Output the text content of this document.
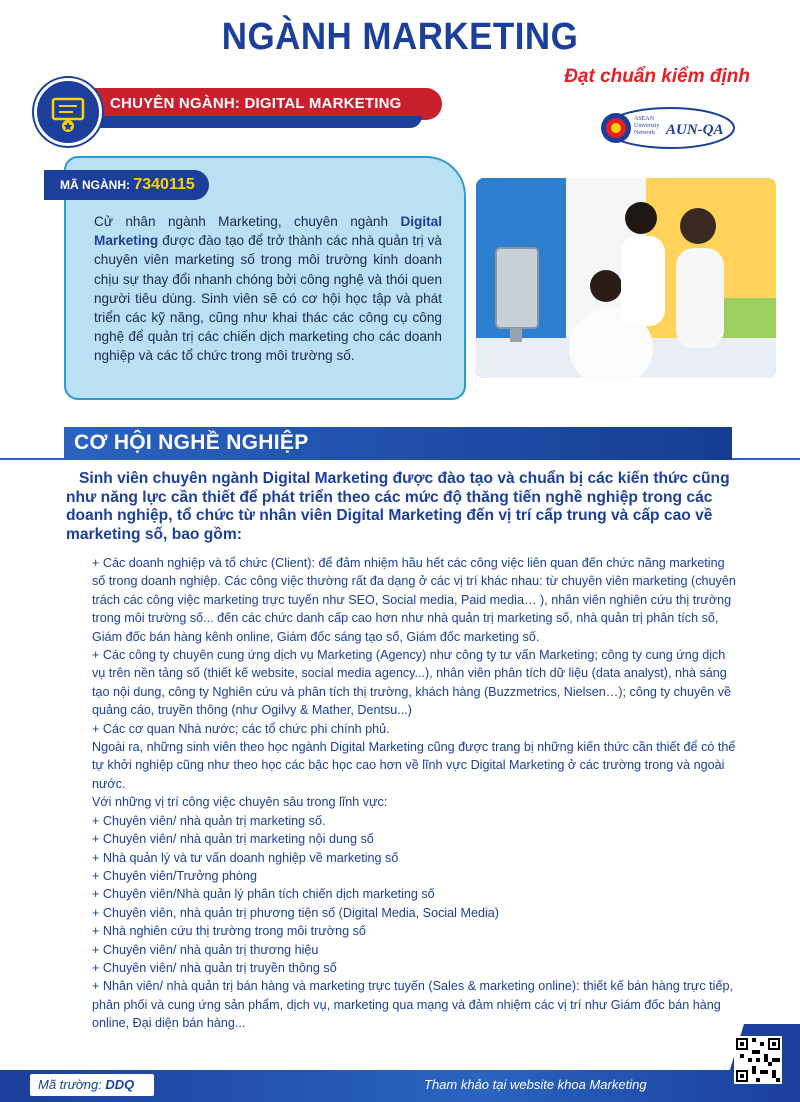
NGÀNH MARKETING
Đạt chuẩn kiểm định
ASEAN
University
Network AUN-QA
CHUYÊN NGÀNH: DIGITAL MARKETING
MÃ NGÀNH: 7340115
Cử nhân ngành Marketing, chuyên ngành Digital Marketing được đào tạo để trở thành các nhà quản trị và chuyên viên marketing số trong môi trường kinh doanh chịu sự thay đổi nhanh chóng bởi công nghệ và thói quen người tiêu dùng. Sinh viên sẽ có cơ hội học tập và phát triển các kỹ năng, cũng như khai thác các công cụ công nghệ để quản trị các chiến dịch marketing cho các doanh nghiệp và các tổ chức trong môi trường số.
CƠ HỘI NGHỀ NGHIỆP
Sinh viên chuyên ngành Digital Marketing được đào tạo và chuẩn bị các kiến thức cũng như năng lực cần thiết để phát triển theo các mức độ thăng tiến nghề nghiệp trong các doanh nghiệp, tổ chức từ nhân viên Digital Marketing đến vị trí cấp trung và cấp cao về marketing số, bao gồm:

+ Các doanh nghiệp và tổ chức (Client): để đảm nhiệm hầu hết các công việc liên quan đến chức năng marketing số trong doanh nghiệp. Các công việc thường rất đa dạng ở các vị trí khác nhau: từ chuyên viên marketing (chuyên trách các công việc marketing trực tuyến như SEO, Social media, Paid media… ), nhân viên nghiên cứu thị trường trong môi trường số... đến các chức danh cấp cao hơn như nhà quản trị marketing số, nhà quản trị phân tích số, Giám đốc bán hàng kênh online, Giám đốc sáng tạo số, Giám đốc marketing số.

+ Các công ty chuyên cung ứng dịch vụ Marketing (Agency) như công ty tư vấn Marketing; công ty cung ứng dịch vụ trên nền tảng số (thiết kế website, social media agency...), nhân viên phân tích dữ liệu (data analyst), nhà sáng tạo nội dung, công ty Nghiên cứu và phân tích thị trường, khách hàng (Buzzmetrics, Nielsen…); công ty chuyên về quảng cáo, truyền thông (như Ogilvy & Mather, Dentsu...)

+ Các cơ quan Nhà nước; các tổ chức phi chính phủ.

Ngoài ra, những sinh viên theo học ngành Digital Marketing cũng được trang bị những kiến thức cần thiết để có thể tự khởi nghiệp cũng như theo học các bậc học cao hơn về lĩnh vực Digital Marketing ở các trường trong và ngoài nước.

Với những vị trí công việc chuyên sâu trong lĩnh vực:

+ Chuyên viên/ nhà quản trị marketing số.

+ Chuyên viên/ nhà quản trị marketing nội dung số

+ Nhà quản lý và tư vấn doanh nghiệp về marketing số

+ Chuyên viên/Trưởng phòng

+ Chuyên viên/Nhà quản lý phân tích chiến dịch marketing số

+ Chuyên viên, nhà quản trị phương tiện số (Digital Media, Social Media)

+ Nhà nghiên cứu thị trường trong môi trường số

+ Chuyên viên/ nhà quản trị thương hiệu

+ Chuyên viên/ nhà quản trị truyền thông số

+ Nhân viên/ nhà quản trị bán hàng và marketing trực tuyến (Sales & marketing online): thiết kế bán hàng trực tiếp, phân phối và cung ứng sản phẩm, dịch vụ, marketing qua mạng và đảm nhiệm các vị trí như Giám đốc bán hàng online, Đại diện bán hàng...

Mã trường: DDQ	Tham khảo tại website khoa Marketing
